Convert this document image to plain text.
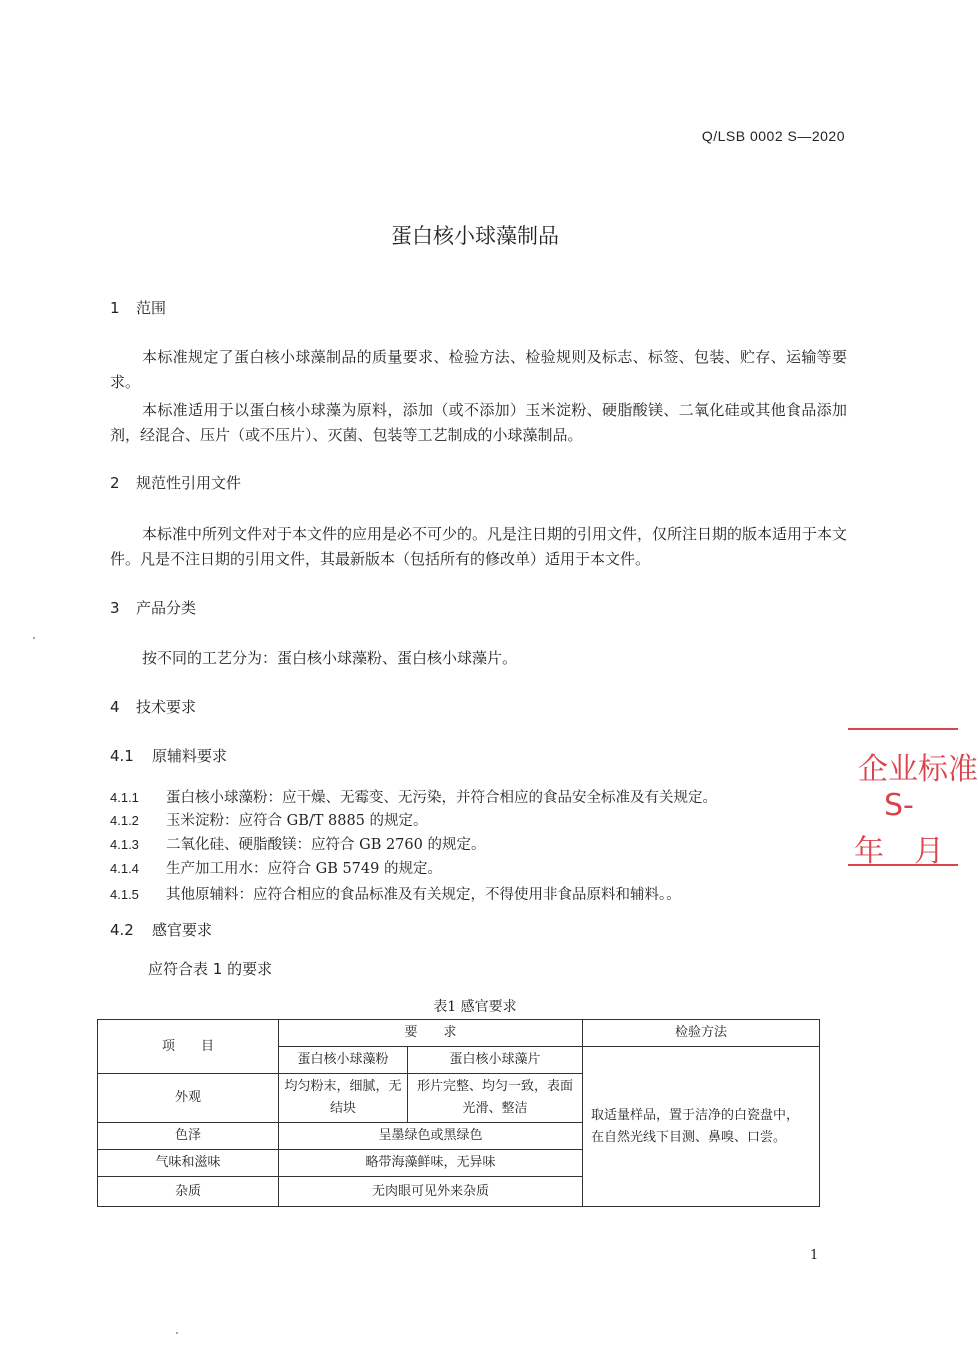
Q/LSB 0002 S—2020
蛋白核小球藻制品
1 范围

本标准规定了蛋白核小球藻制品的质量要求、检验方法、检验规则及标志、标签、包装、贮存、运输等要求。

本标准适用于以蛋白核小球藻为原料，添加（或不添加）玉米淀粉、硬脂酸镁、二氧化硅或其他食品添加剂，经混合、压片（或不压片）、灭菌、包装等工艺制成的小球藻制品。

2 规范性引用文件

本标准中所列文件对于本文件的应用是必不可少的。凡是注日期的引用文件，仅所注日期的版本适用于本文件。凡是不注日期的引用文件，其最新版本（包括所有的修改单）适用于本文件。

3 产品分类

按不同的工艺分为：蛋白核小球藻粉、蛋白核小球藻片。

4 技术要求
4.1 原辅料要求
4.1.1 蛋白核小球藻粉：应干燥、无霉变、无污染，并符合相应的食品安全标准及有关规定。
4.1.2 玉米淀粉：应符合 GB/T 8885 的规定。
4.1.3 二氧化硅、硬脂酸镁：应符合 GB 2760 的规定。
4.1.4 生产加工用水：应符合 GB 5749 的规定。
4.1.5 其他原辅料：应符合相应的食品标准及有关规定，不得使用非食品原料和辅料。。
4.2 感官要求
应符合表 1 的要求
表1 感官要求
项　　目	要　　求		检验方法
	蛋白核小球藻粉	蛋白核小球藻片	取适量样品，置于洁净的白瓷盘中，在自然光线下目测、鼻嗅、口尝。
外观	均匀粉末，细腻，无结块	形片完整、均匀一致，表面光滑、整洁	
色泽	呈墨绿色或黑绿色		
气味和滋味	略带海藻鲜味，无异味		
杂质	无肉眼可见外来杂质		
1
企业标准
S-
年　月
